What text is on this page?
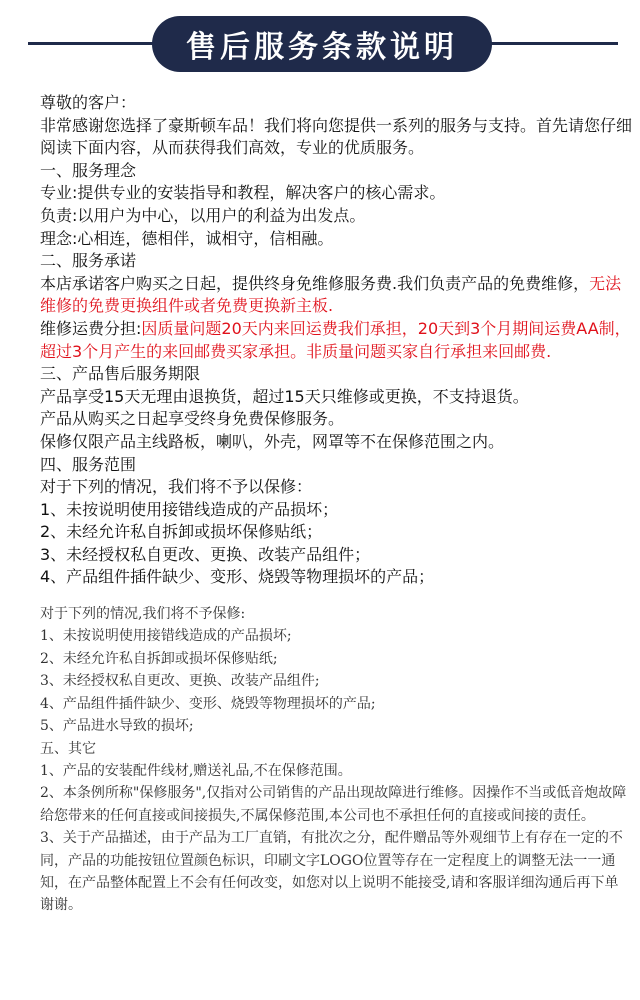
售后服务条款说明

尊敬的客户：

非常感谢您选择了豪斯顿车品！我们将向您提供一系列的服务与支持。首先请您仔细阅读下面内容，从而获得我们高效，专业的优质服务。

一、服务理念

专业:提供专业的安装指导和教程，解决客户的核心需求。

负责:以用户为中心，以用户的利益为出发点。

理念:心相连，德相伴，诚相守，信相融。

二、服务承诺

本店承诺客户购买之日起，提供终身免维修服务费.我们负责产品的免费维修，无法维修的免费更换组件或者免费更换新主板.

维修运费分担:因质量问题20天内来回运费我们承担，20天到3个月期间运费AA制，超过3个月产生的来回邮费买家承担。非质量问题买家自行承担来回邮费.

三、产品售后服务期限

产品享受15天无理由退换货，超过15天只维修或更换，不支持退货。

产品从购买之日起享受终身免费保修服务。

保修仅限产品主线路板，喇叭，外壳，网罩等不在保修范围之内。

四、服务范围

对于下列的情况，我们将不予以保修：

1、未按说明使用接错线造成的产品损坏；

2、未经允许私自拆卸或损坏保修贴纸；

3、未经授权私自更改、更换、改装产品组件；

4、产品组件插件缺少、变形、烧毁等物理损坏的产品；

对于下列的情况,我们将不予保修:

1、未按说明使用接错线造成的产品损坏;

2、未经允许私自拆卸或损坏保修贴纸;

3、未经授权私自更改、更换、改装产品组件;

4、产品组件插件缺少、变形、烧毁等物理损坏的产品;

5、产品进水导致的损坏;

五、其它

1、产品的安装配件线材,赠送礼品,不在保修范围。

2、本条例所称"保修服务",仅指对公司销售的产品出现故障进行维修。因操作不当或低音炮故障给您带来的任何直接或间接损失,不属保修范围,本公司也不承担任何的直接或间接的责任。

3、关于产品描述，由于产品为工厂直销，有批次之分，配件赠品等外观细节上有存在一定的不同，产品的功能按钮位置颜色标识，印刷文字LOGO位置等存在一定程度上的调整无法一一通知，在产品整体配置上不会有任何改变，如您对以上说明不能接受,请和客服详细沟通后再下单谢谢。
